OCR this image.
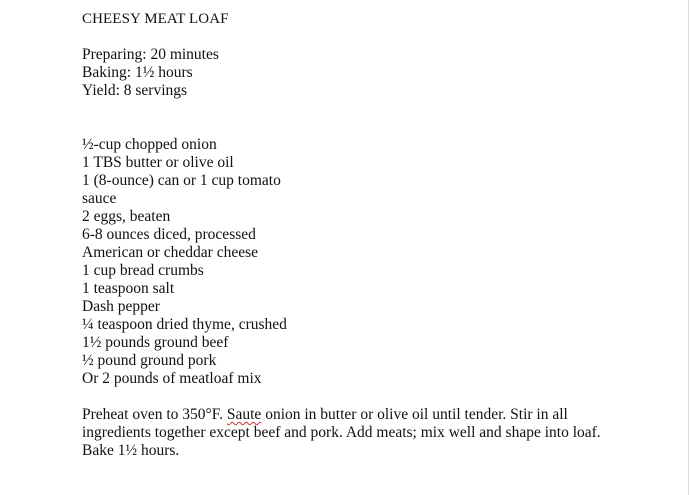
CHEESY MEAT LOAF
Preparing: 20 minutes
Baking: 1½ hours
Yield: 8 servings
½-cup chopped onion
1 TBS butter or olive oil
1 (8-ounce) can or 1 cup tomato
sauce
2 eggs, beaten
6-8 ounces diced, processed
American or cheddar cheese
1 cup bread crumbs
1 teaspoon salt
Dash pepper
¼ teaspoon dried thyme, crushed
1½ pounds ground beef
½ pound ground pork
Or 2 pounds of meatloaf mix

Preheat oven to 350°F. Saute onion in butter or olive oil until tender. Stir in all ingredients together except beef and pork. Add meats; mix well and shape into loaf. Bake 1½ hours.
